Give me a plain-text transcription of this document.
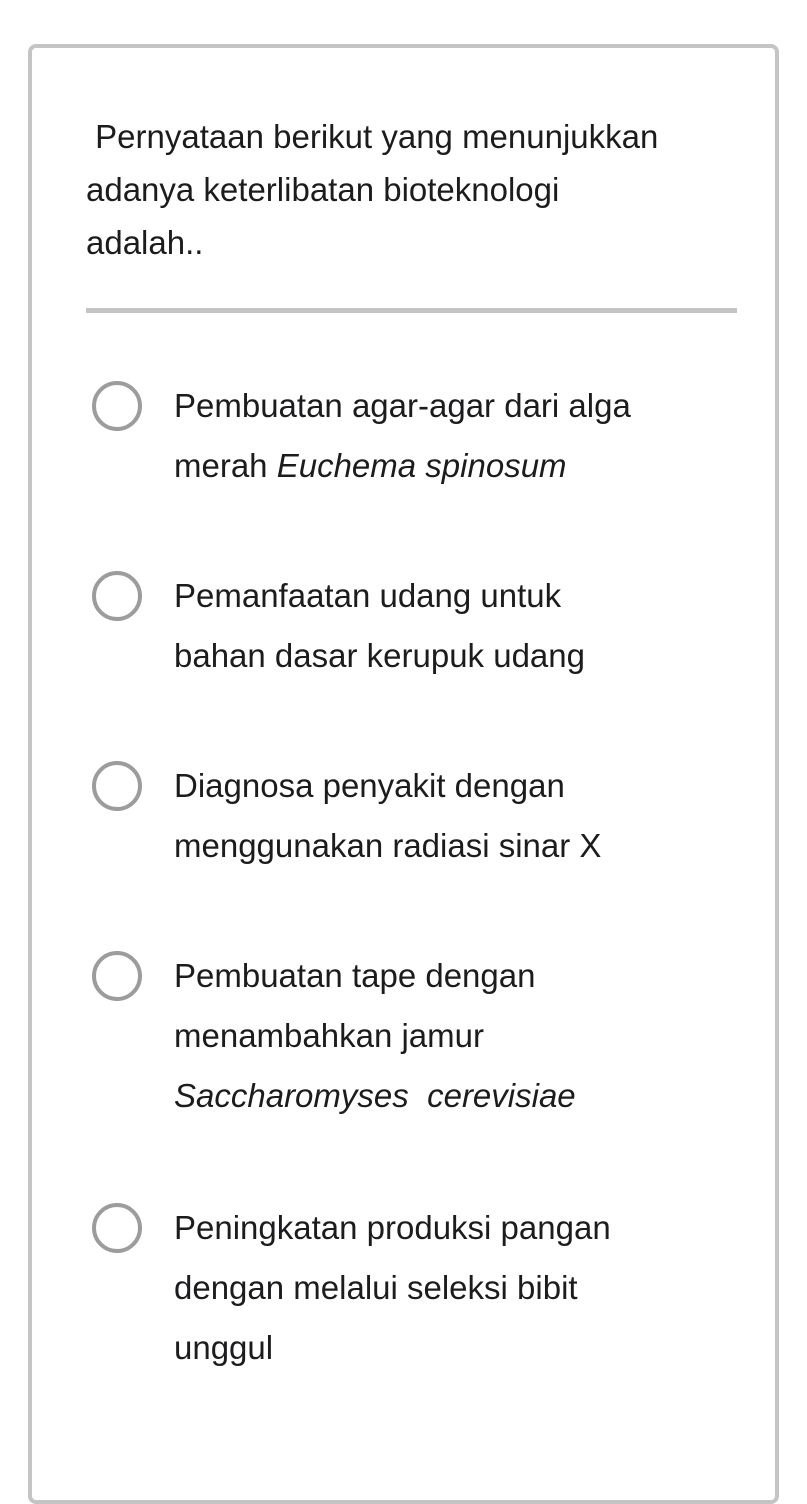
Pernyataan berikut yang menunjukkan
adanya keterlibatan bioteknologi
adalah..

Pembuatan agar-agar dari alga
merah Euchema spinosum
Pemanfaatan udang untuk
bahan dasar kerupuk udang
Diagnosa penyakit dengan
menggunakan radiasi sinar X
Pembuatan tape dengan
menambahkan jamur
Saccharomyses  cerevisiae
Peningkatan produksi pangan
dengan melalui seleksi bibit
unggul
